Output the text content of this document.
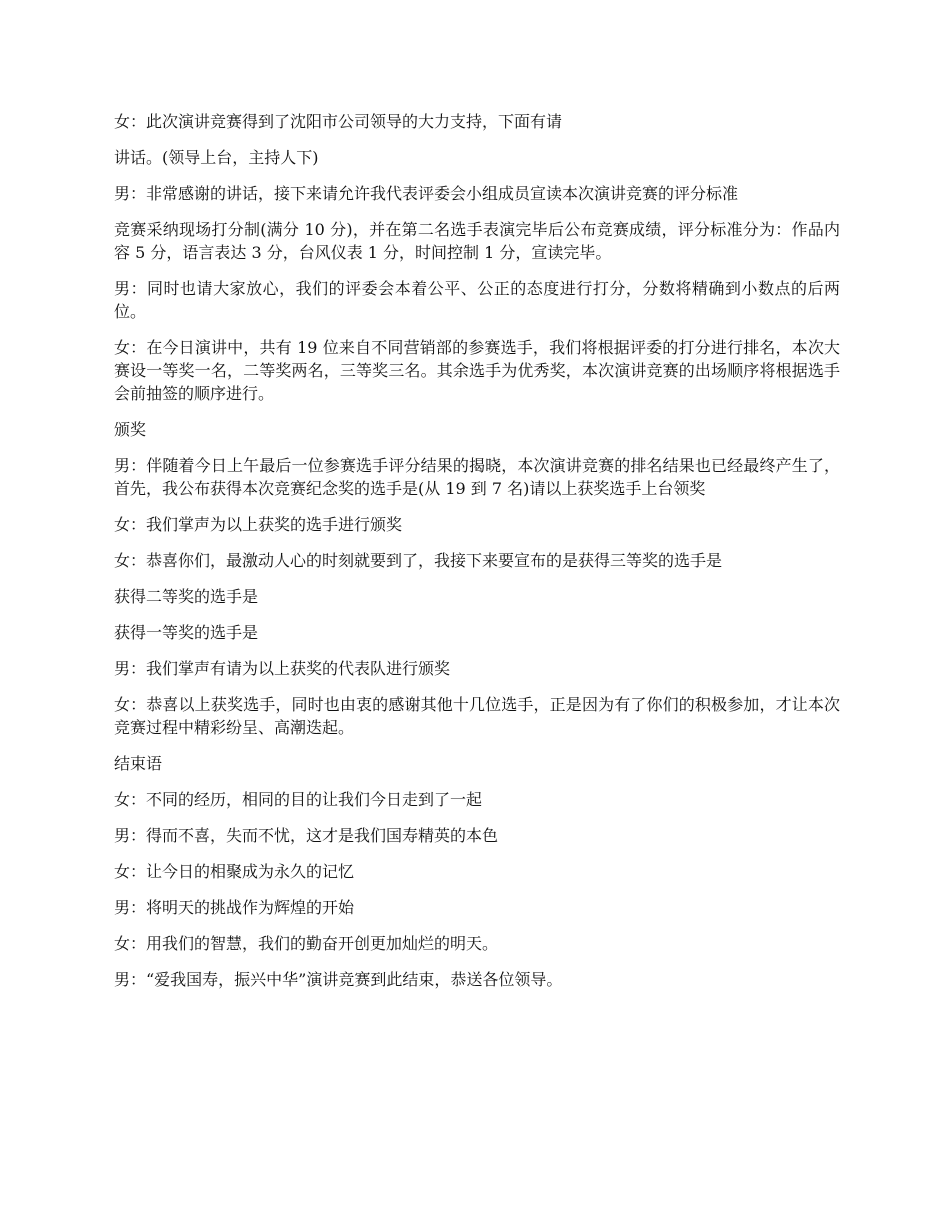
女：此次演讲竞赛得到了沈阳市公司领导的大力支持，下面有请

讲话。(领导上台，主持人下)

男：非常感谢的讲话，接下来请允许我代表评委会小组成员宣读本次演讲竞赛的评分标准

竞赛采纳现场打分制(满分 10 分)，并在第二名选手表演完毕后公布竞赛成绩，评分标准分为：作品内容 5 分，语言表达 3 分，台风仪表 1 分，时间控制 1 分，宣读完毕。

男：同时也请大家放心，我们的评委会本着公平、公正的态度进行打分，分数将精确到小数点的后两位。

女：在今日演讲中，共有 19 位来自不同营销部的参赛选手，我们将根据评委的打分进行排名，本次大赛设一等奖一名，二等奖两名，三等奖三名。其余选手为优秀奖，本次演讲竞赛的出场顺序将根据选手会前抽签的顺序进行。

颁奖

男：伴随着今日上午最后一位参赛选手评分结果的揭晓，本次演讲竞赛的排名结果也已经最终产生了，首先，我公布获得本次竞赛纪念奖的选手是(从 19 到 7 名)请以上获奖选手上台领奖

女：我们掌声为以上获奖的选手进行颁奖

女：恭喜你们，最激动人心的时刻就要到了，我接下来要宣布的是获得三等奖的选手是

获得二等奖的选手是

获得一等奖的选手是

男：我们掌声有请为以上获奖的代表队进行颁奖

女：恭喜以上获奖选手，同时也由衷的感谢其他十几位选手，正是因为有了你们的积极参加，才让本次竞赛过程中精彩纷呈、高潮迭起。

结束语

女：不同的经历，相同的目的让我们今日走到了一起

男：得而不喜，失而不忧，这才是我们国寿精英的本色

女：让今日的相聚成为永久的记忆

男：将明天的挑战作为辉煌的开始

女：用我们的智慧，我们的勤奋开创更加灿烂的明天。

男：“爱我国寿，振兴中华”演讲竞赛到此结束，恭送各位领导。
